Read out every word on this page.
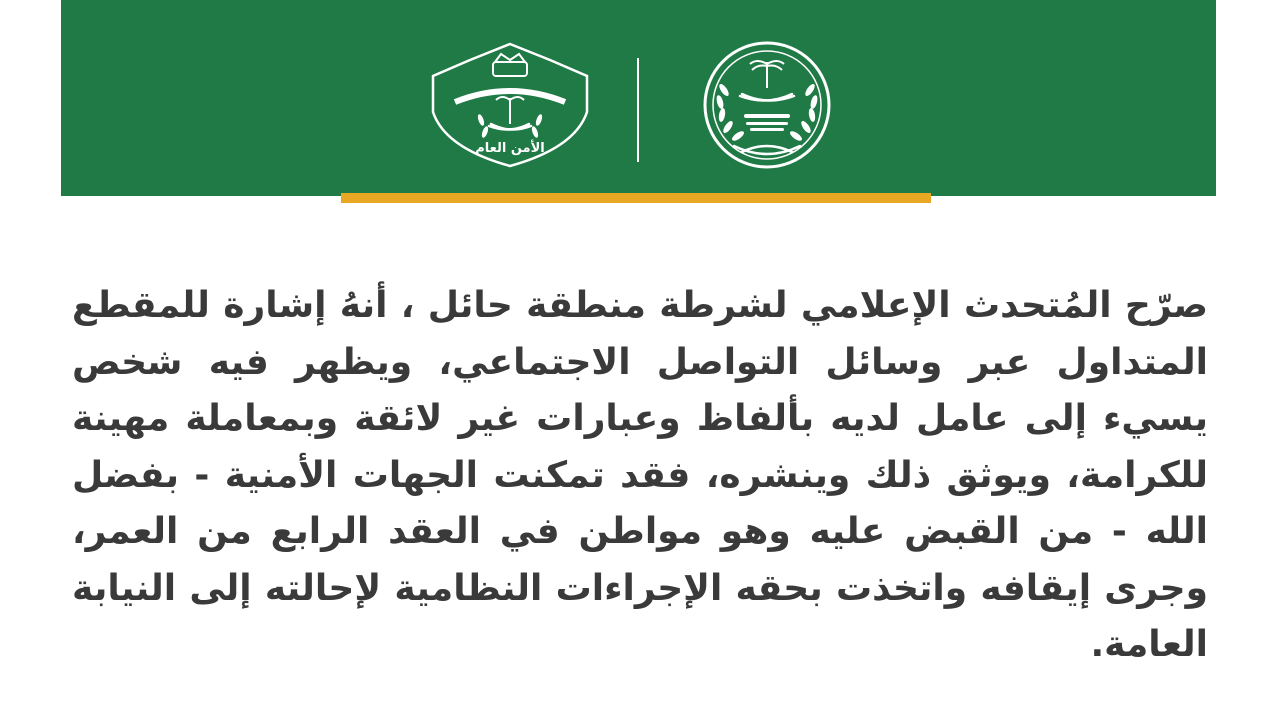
الأمن العام

صرّح المُتحدث الإعلامي لشرطة منطقة حائل ، أنهُ إشارة للمقطع المتداول عبر وسائل التواصل الاجتماعي، ويظهر فيه شخص يسيء إلى عامل لديه بألفاظ وعبارات غير لائقة وبمعاملة مهينة للكرامة، ويوثق ذلك وينشره، فقد تمكنت الجهات الأمنية - بفضل الله - من القبض عليه وهو مواطن في العقد الرابع من العمر، وجرى إيقافه واتخذت بحقه الإجراءات النظامية لإحالته إلى النيابة العامة.
